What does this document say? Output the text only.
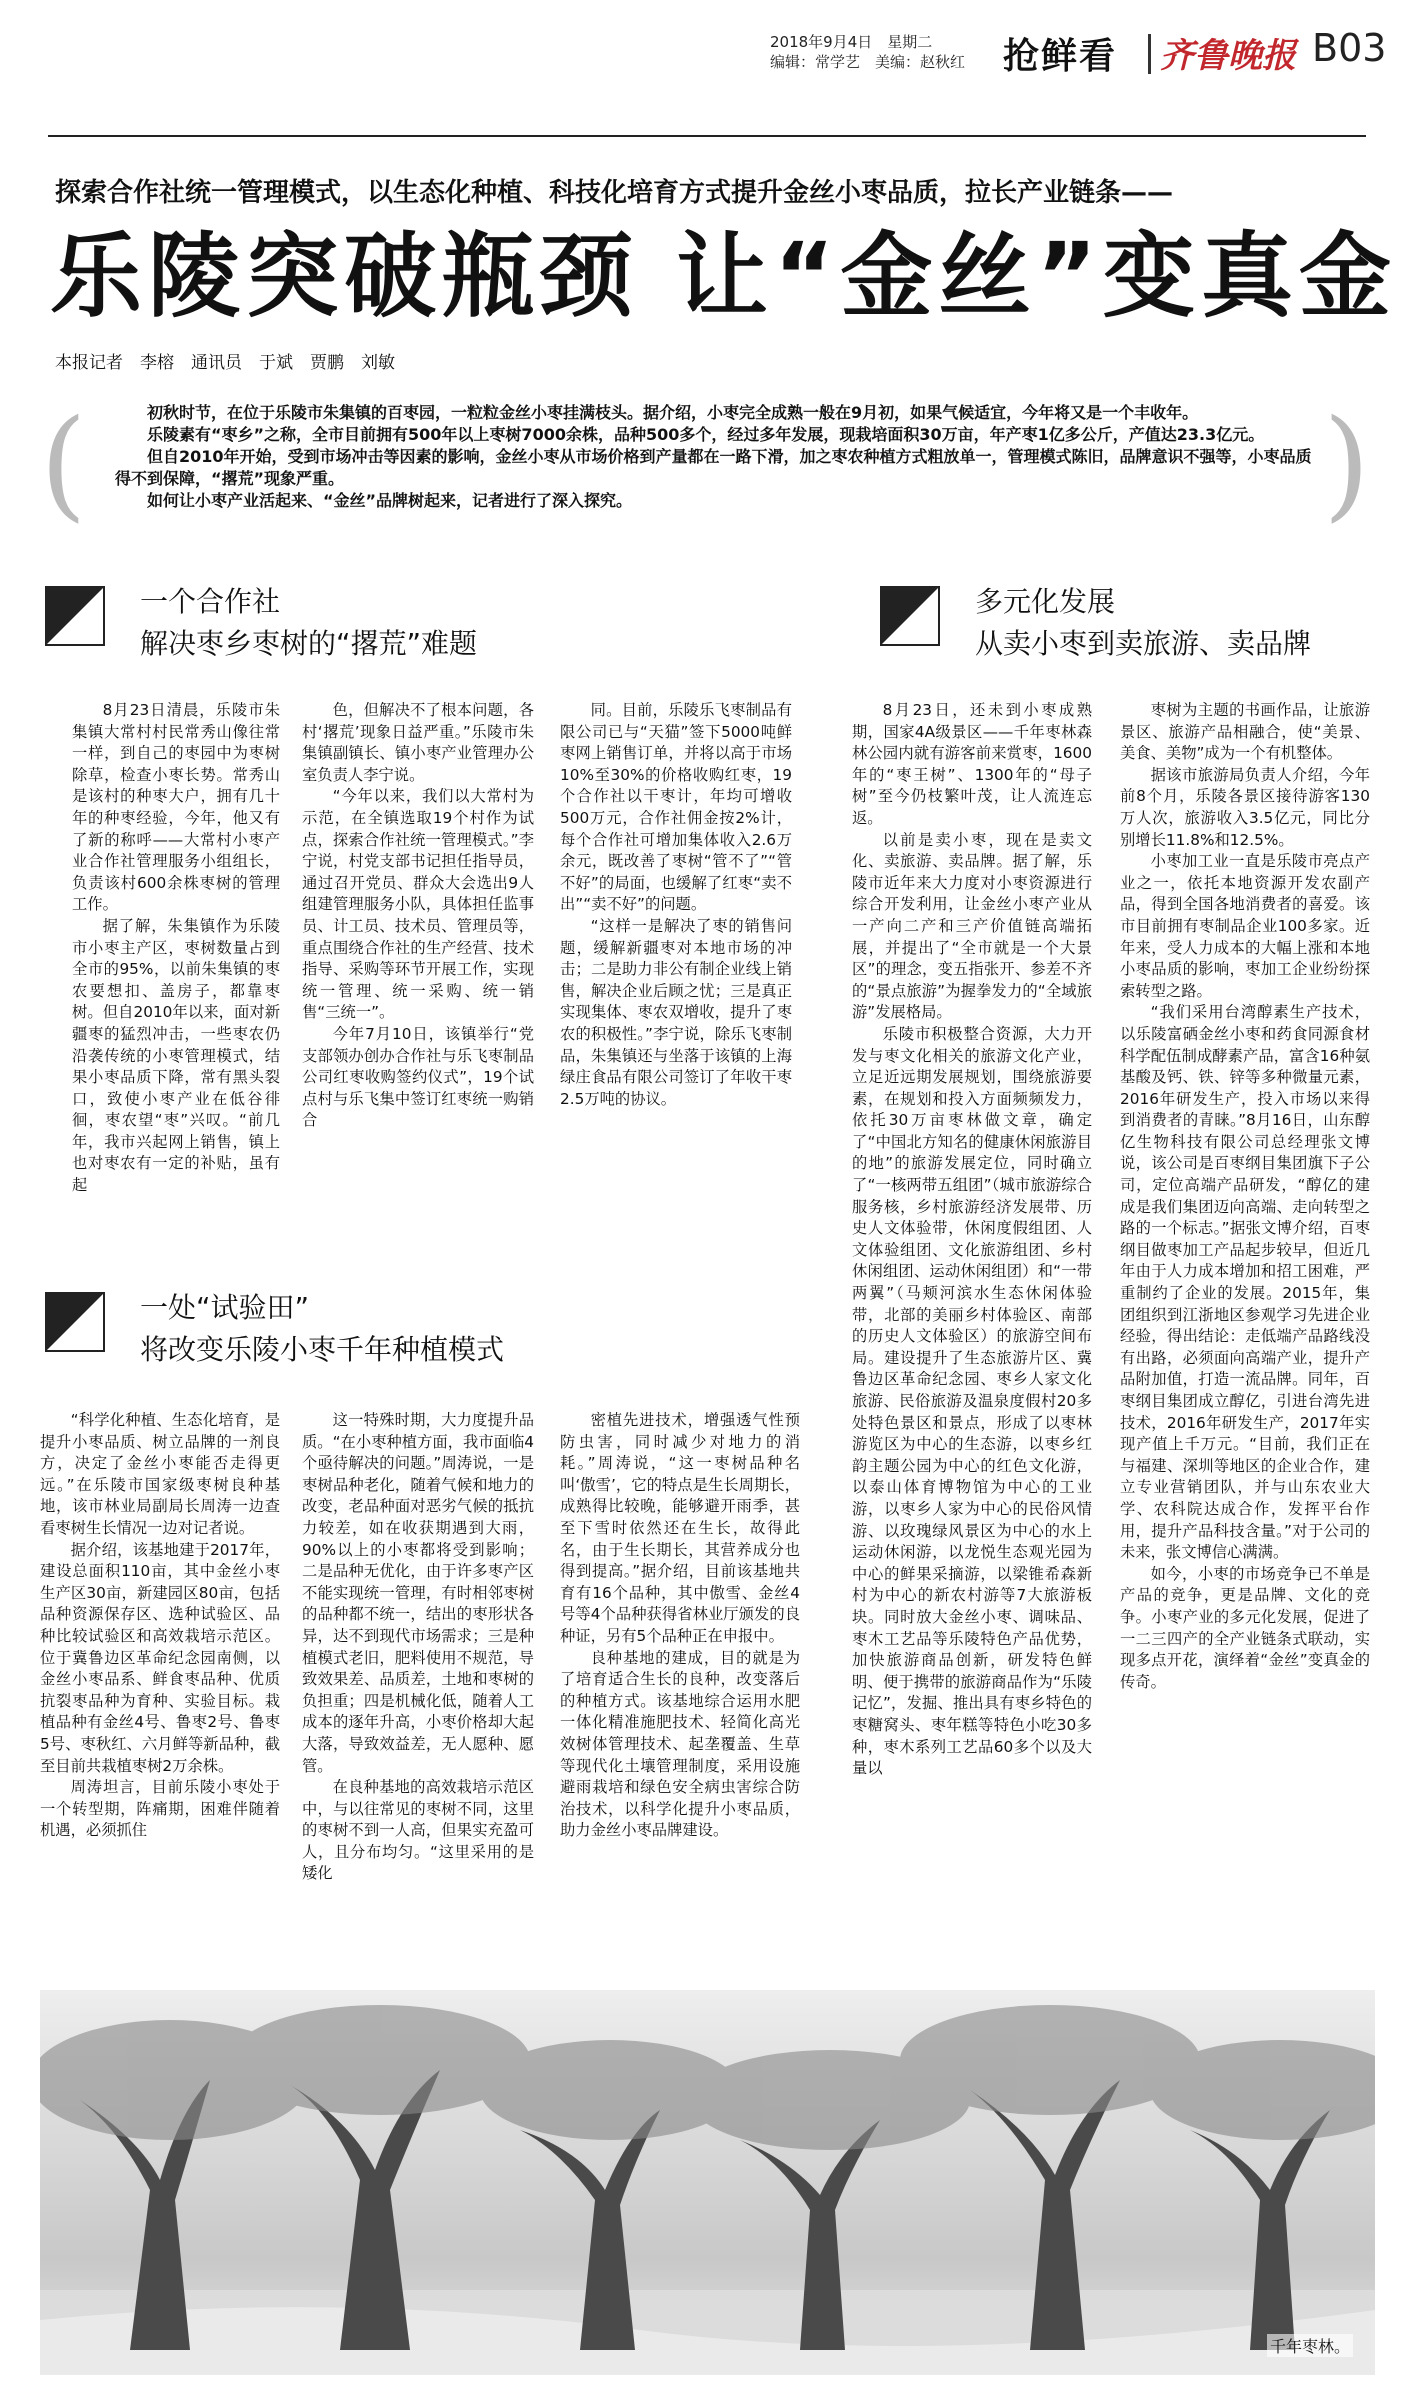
2018年9月4日　星期二
编辑：常学艺　美编：赵秋红 抢鲜看 齐鲁晚报 B03
探索合作社统一管理模式，以生态化种植、科技化培育方式提升金丝小枣品质，拉长产业链条——
乐陵突破瓶颈 让“金丝”变真金
本报记者　李榕　通讯员　于斌　贾鹏　刘敏
(	初秋时节，在位于乐陵市朱集镇的百枣园，一粒粒金丝小枣挂满枝头。据介绍，小枣完全成熟一般在9月初，如果气候适宜，今年将又是一个丰收年。

乐陵素有“枣乡”之称，全市目前拥有500年以上枣树7000余株，品种500多个，经过多年发展，现栽培面积30万亩，年产枣1亿多公斤，产值达23.3亿元。

但自2010年开始，受到市场冲击等因素的影响，金丝小枣从市场价格到产量都在一路下滑，加之枣农种植方式粗放单一，管理模式陈旧，品牌意识不强等，小枣品质得不到保障，“撂荒”现象严重。

如何让小枣产业活起来、“金丝”品牌树起来，记者进行了深入探究。	)
一个合作社
解决枣乡枣树的“撂荒”难题
多元化发展
从卖小枣到卖旅游、卖品牌
一处“试验田”
将改变乐陵小枣千年种植模式

8月23日清晨，乐陵市朱集镇大常村村民常秀山像往常一样，到自己的枣园中为枣树除草，检查小枣长势。常秀山是该村的种枣大户，拥有几十年的种枣经验，今年，他又有了新的称呼——大常村小枣产业合作社管理服务小组组长，负责该村600余株枣树的管理工作。

据了解，朱集镇作为乐陵市小枣主产区，枣树数量占到全市的95%，以前朱集镇的枣农要想扣、盖房子，都靠枣树。但自2010年以来，面对新疆枣的猛烈冲击，一些枣农仍沿袭传统的小枣管理模式，结果小枣品质下降，常有黑头裂口，致使小枣产业在低谷徘徊，枣农望“枣”兴叹。“前几年，我市兴起网上销售，镇上也对枣农有一定的补贴，虽有起

色，但解决不了根本问题，各村‘撂荒’现象日益严重。”乐陵市朱集镇副镇长、镇小枣产业管理办公室负责人李宁说。

“今年以来，我们以大常村为示范，在全镇选取19个村作为试点，探索合作社统一管理模式。”李宁说，村党支部书记担任指导员，通过召开党员、群众大会选出9人组建管理服务小队，具体担任监事员、计工员、技术员、管理员等，重点围绕合作社的生产经营、技术指导、采购等环节开展工作，实现统一管理、统一采购、统一销售“三统一”。

今年7月10日，该镇举行“党支部领办创办合作社与乐飞枣制品公司红枣收购签约仪式”，19个试点村与乐飞集中签订红枣统一购销合

同。目前，乐陵乐飞枣制品有限公司已与“天猫”签下5000吨鲜枣网上销售订单，并将以高于市场10%至30%的价格收购红枣，19个合作社以干枣计，年均可增收500万元，合作社佣金按2%计，每个合作社可增加集体收入2.6万余元，既改善了枣树“管不了”“管不好”的局面，也缓解了红枣“卖不出”“卖不好”的问题。

“这样一是解决了枣的销售问题，缓解新疆枣对本地市场的冲击；二是助力非公有制企业线上销售，解决企业后顾之忧；三是真正实现集体、枣农双增收，提升了枣农的积极性。”李宁说，除乐飞枣制品，朱集镇还与坐落于该镇的上海绿庄食品有限公司签订了年收干枣2.5万吨的协议。

8月23日，还未到小枣成熟期，国家4A级景区——千年枣林森林公园内就有游客前来赏枣，1600年的“枣王树”、1300年的“母子树”至今仍枝繁叶茂，让人流连忘返。

以前是卖小枣，现在是卖文化、卖旅游、卖品牌。据了解，乐陵市近年来大力度对小枣资源进行综合开发利用，让金丝小枣产业从一产向二产和三产价值链高端拓展，并提出了“全市就是一个大景区”的理念，变五指张开、参差不齐的“景点旅游”为握拳发力的“全域旅游”发展格局。

乐陵市积极整合资源，大力开发与枣文化相关的旅游文化产业，立足近远期发展规划，围绕旅游要素，在规划和投入方面频频发力，依托30万亩枣林做文章，确定了“中国北方知名的健康休闲旅游目的地”的旅游发展定位，同时确立了“一核两带五组团”（城市旅游综合服务核，乡村旅游经济发展带、历史人文体验带，休闲度假组团、人文体验组团、文化旅游组团、乡村休闲组团、运动休闲组团）和“一带两翼”（马颊河滨水生态休闲体验带，北部的美丽乡村体验区、南部的历史人文体验区）的旅游空间布局。建设提升了生态旅游片区、冀鲁边区革命纪念园、枣乡人家文化旅游、民俗旅游及温泉度假村20多处特色景区和景点，形成了以枣林游览区为中心的生态游，以枣乡红韵主题公园为中心的红色文化游，以泰山体育博物馆为中心的工业游，以枣乡人家为中心的民俗风情游、以玫瑰绿风景区为中心的水上运动休闲游，以龙悦生态观光园为中心的鲜果采摘游，以梁锥希森新村为中心的新农村游等7大旅游板块。同时放大金丝小枣、调味品、枣木工艺品等乐陵特色产品优势，加快旅游商品创新，研发特色鲜明、便于携带的旅游商品作为“乐陵记忆”，发掘、推出具有枣乡特色的枣糖窝头、枣年糕等特色小吃30多种，枣木系列工艺品60多个以及大量以

枣树为主题的书画作品，让旅游景区、旅游产品相融合，使“美景、美食、美物”成为一个有机整体。

据该市旅游局负责人介绍，今年前8个月，乐陵各景区接待游客130万人次，旅游收入3.5亿元，同比分别增长11.8%和12.5%。

小枣加工业一直是乐陵市亮点产业之一，依托本地资源开发农副产品，得到全国各地消费者的喜爱。该市目前拥有枣制品企业100多家。近年来，受人力成本的大幅上涨和本地小枣品质的影响，枣加工企业纷纷探索转型之路。

“我们采用台湾醇素生产技术，以乐陵富硒金丝小枣和药食同源食材科学配伍制成酵素产品，富含16种氨基酸及钙、铁、锌等多种微量元素，2016年研发生产，投入市场以来得到消费者的青睐。”8月16日，山东醇亿生物科技有限公司总经理张文博说，该公司是百枣纲目集团旗下子公司，定位高端产品研发，“醇亿的建成是我们集团迈向高端、走向转型之路的一个标志。”据张文博介绍，百枣纲目做枣加工产品起步较早，但近几年由于人力成本增加和招工困难，严重制约了企业的发展。2015年，集团组织到江浙地区参观学习先进企业经验，得出结论：走低端产品路线没有出路，必须面向高端产业，提升产品附加值，打造一流品牌。同年，百枣纲目集团成立醇亿，引进台湾先进技术，2016年研发生产，2017年实现产值上千万元。“目前，我们正在与福建、深圳等地区的企业合作，建立专业营销团队，并与山东农业大学、农科院达成合作，发挥平台作用，提升产品科技含量。”对于公司的未来，张文博信心满满。

如今，小枣的市场竞争已不单是产品的竞争，更是品牌、文化的竞争。小枣产业的多元化发展，促进了一二三四产的全产业链条式联动，实现多点开花，演绎着“金丝”变真金的传奇。

“科学化种植、生态化培育，是提升小枣品质、树立品牌的一剂良方，决定了金丝小枣能否走得更远。”在乐陵市国家级枣树良种基地，该市林业局副局长周涛一边查看枣树生长情况一边对记者说。

据介绍，该基地建于2017年，建设总面积110亩，其中金丝小枣生产区30亩，新建园区80亩，包括品种资源保存区、选种试验区、品种比较试验区和高效栽培示范区。位于冀鲁边区革命纪念园南侧，以金丝小枣品系、鲜食枣品种、优质抗裂枣品种为育种、实验目标。栽植品种有金丝4号、鲁枣2号、鲁枣5号、枣秋红、六月鲜等新品种，截至目前共栽植枣树2万余株。

周涛坦言，目前乐陵小枣处于一个转型期，阵痛期，困难伴随着机遇，必须抓住

这一特殊时期，大力度提升品质。“在小枣种植方面，我市面临4个亟待解决的问题。”周涛说，一是枣树品种老化，随着气候和地力的改变，老品种面对恶劣气候的抵抗力较差，如在收获期遇到大雨，90%以上的小枣都将受到影响；二是品种无优化，由于许多枣产区不能实现统一管理，有时相邻枣树的品种都不统一，结出的枣形状各异，达不到现代市场需求；三是种植模式老旧，肥料使用不规范，导致效果差、品质差，土地和枣树的负担重；四是机械化低，随着人工成本的逐年升高，小枣价格却大起大落，导致效益差，无人愿种、愿管。

在良种基地的高效栽培示范区中，与以往常见的枣树不同，这里的枣树不到一人高，但果实充盈可人，且分布均匀。“这里采用的是矮化

密植先进技术，增强透气性预防虫害，同时减少对地力的消耗。”周涛说，“这一枣树品种名叫‘傲雪’，它的特点是生长周期长，成熟得比较晚，能够避开雨季，甚至下雪时依然还在生长，故得此名，由于生长期长，其营养成分也得到提高。”据介绍，目前该基地共育有16个品种，其中傲雪、金丝4号等4个品种获得省林业厅颁发的良种证，另有5个品种正在申报中。

良种基地的建成，目的就是为了培育适合生长的良种，改变落后的种植方式。该基地综合运用水肥一体化精准施肥技术、轻简化高光效树体管理技术、起垄覆盖、生草等现代化土壤管理制度，采用设施避雨栽培和绿色安全病虫害综合防治技术，以科学化提升小枣品质，助力金丝小枣品牌建设。

千年枣林。
